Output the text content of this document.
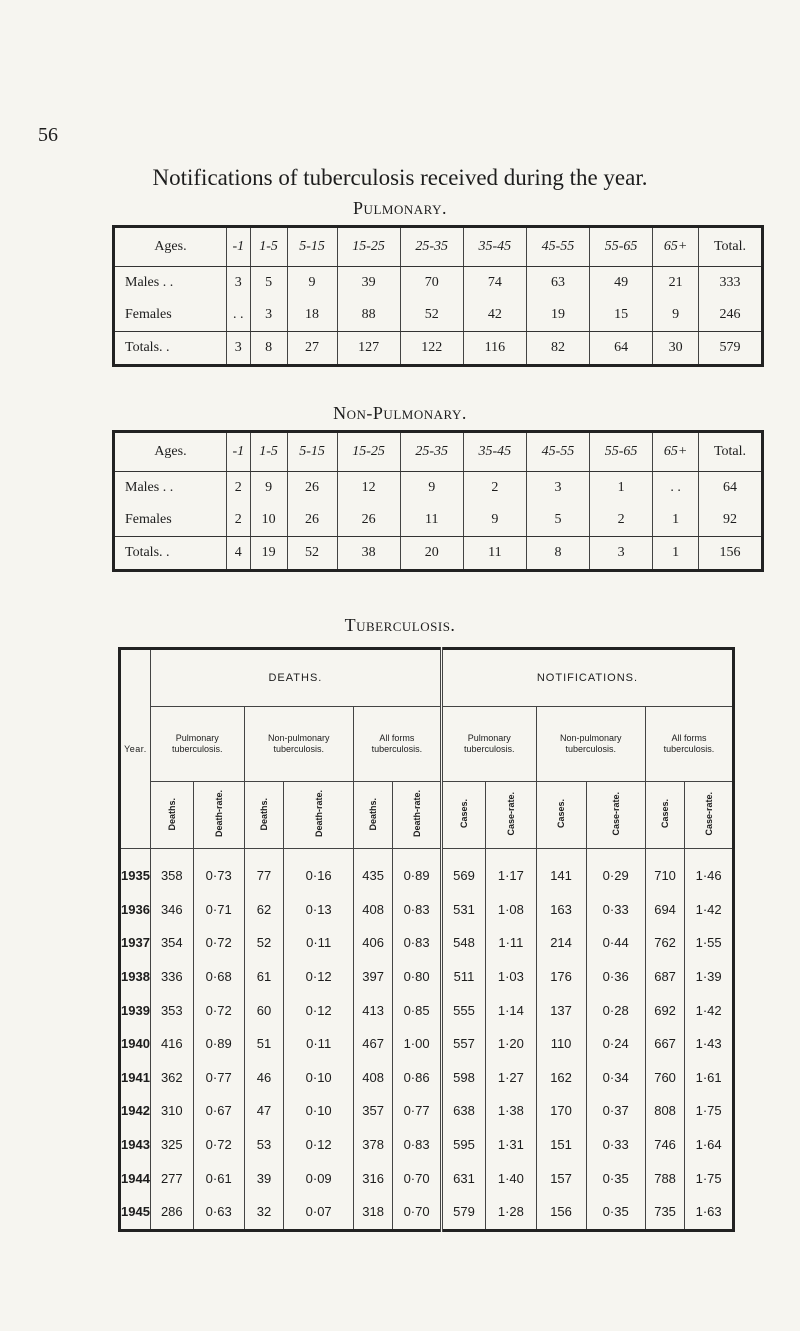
56
Notifications of tuberculosis received during the year.
Pulmonary.
Ages.	-1	1-5	5-15	15-25	25-35	35-45	45-55	55-65	65+	Total.
Males . .	3	5	9	39	70	74	63	49	21	333
Females	. .	3	18	88	52	42	19	15	9	246
Totals. .	3	8	27	127	122	116	82	64	30	579
Non-Pulmonary.
Ages.	-1	1-5	5-15	15-25	25-35	35-45	45-55	55-65	65+	Total.
Males . .	2	9	26	12	9	2	3	1	. .	64
Females	2	10	26	26	11	9	5	2	1	92
Totals. .	4	19	52	38	20	11	8	3	1	156
Tuberculosis.
Year.	DEATHS.						NOTIFICATIONS.					
	Pulmonary tuberculosis.		Non-pulmonary tuberculosis.		All forms tuberculosis.		Pulmonary tuberculosis.		Non-pulmonary tuberculosis.		All forms tuberculosis.	
	Deaths.	Death-rate.	Deaths.	Death-rate.	Deaths.	Death-rate.	Cases.	Case-rate.	Cases.	Case-rate.	Cases.	Case-rate.
1935	358	0·73	77	0·16	435	0·89	569	1·17	141	0·29	710	1·46
1936	346	0·71	62	0·13	408	0·83	531	1·08	163	0·33	694	1·42
1937	354	0·72	52	0·11	406	0·83	548	1·11	214	0·44	762	1·55
1938	336	0·68	61	0·12	397	0·80	511	1·03	176	0·36	687	1·39
1939	353	0·72	60	0·12	413	0·85	555	1·14	137	0·28	692	1·42
1940	416	0·89	51	0·11	467	1·00	557	1·20	110	0·24	667	1·43
1941	362	0·77	46	0·10	408	0·86	598	1·27	162	0·34	760	1·61
1942	310	0·67	47	0·10	357	0·77	638	1·38	170	0·37	808	1·75
1943	325	0·72	53	0·12	378	0·83	595	1·31	151	0·33	746	1·64
1944	277	0·61	39	0·09	316	0·70	631	1·40	157	0·35	788	1·75
1945	286	0·63	32	0·07	318	0·70	579	1·28	156	0·35	735	1·63
